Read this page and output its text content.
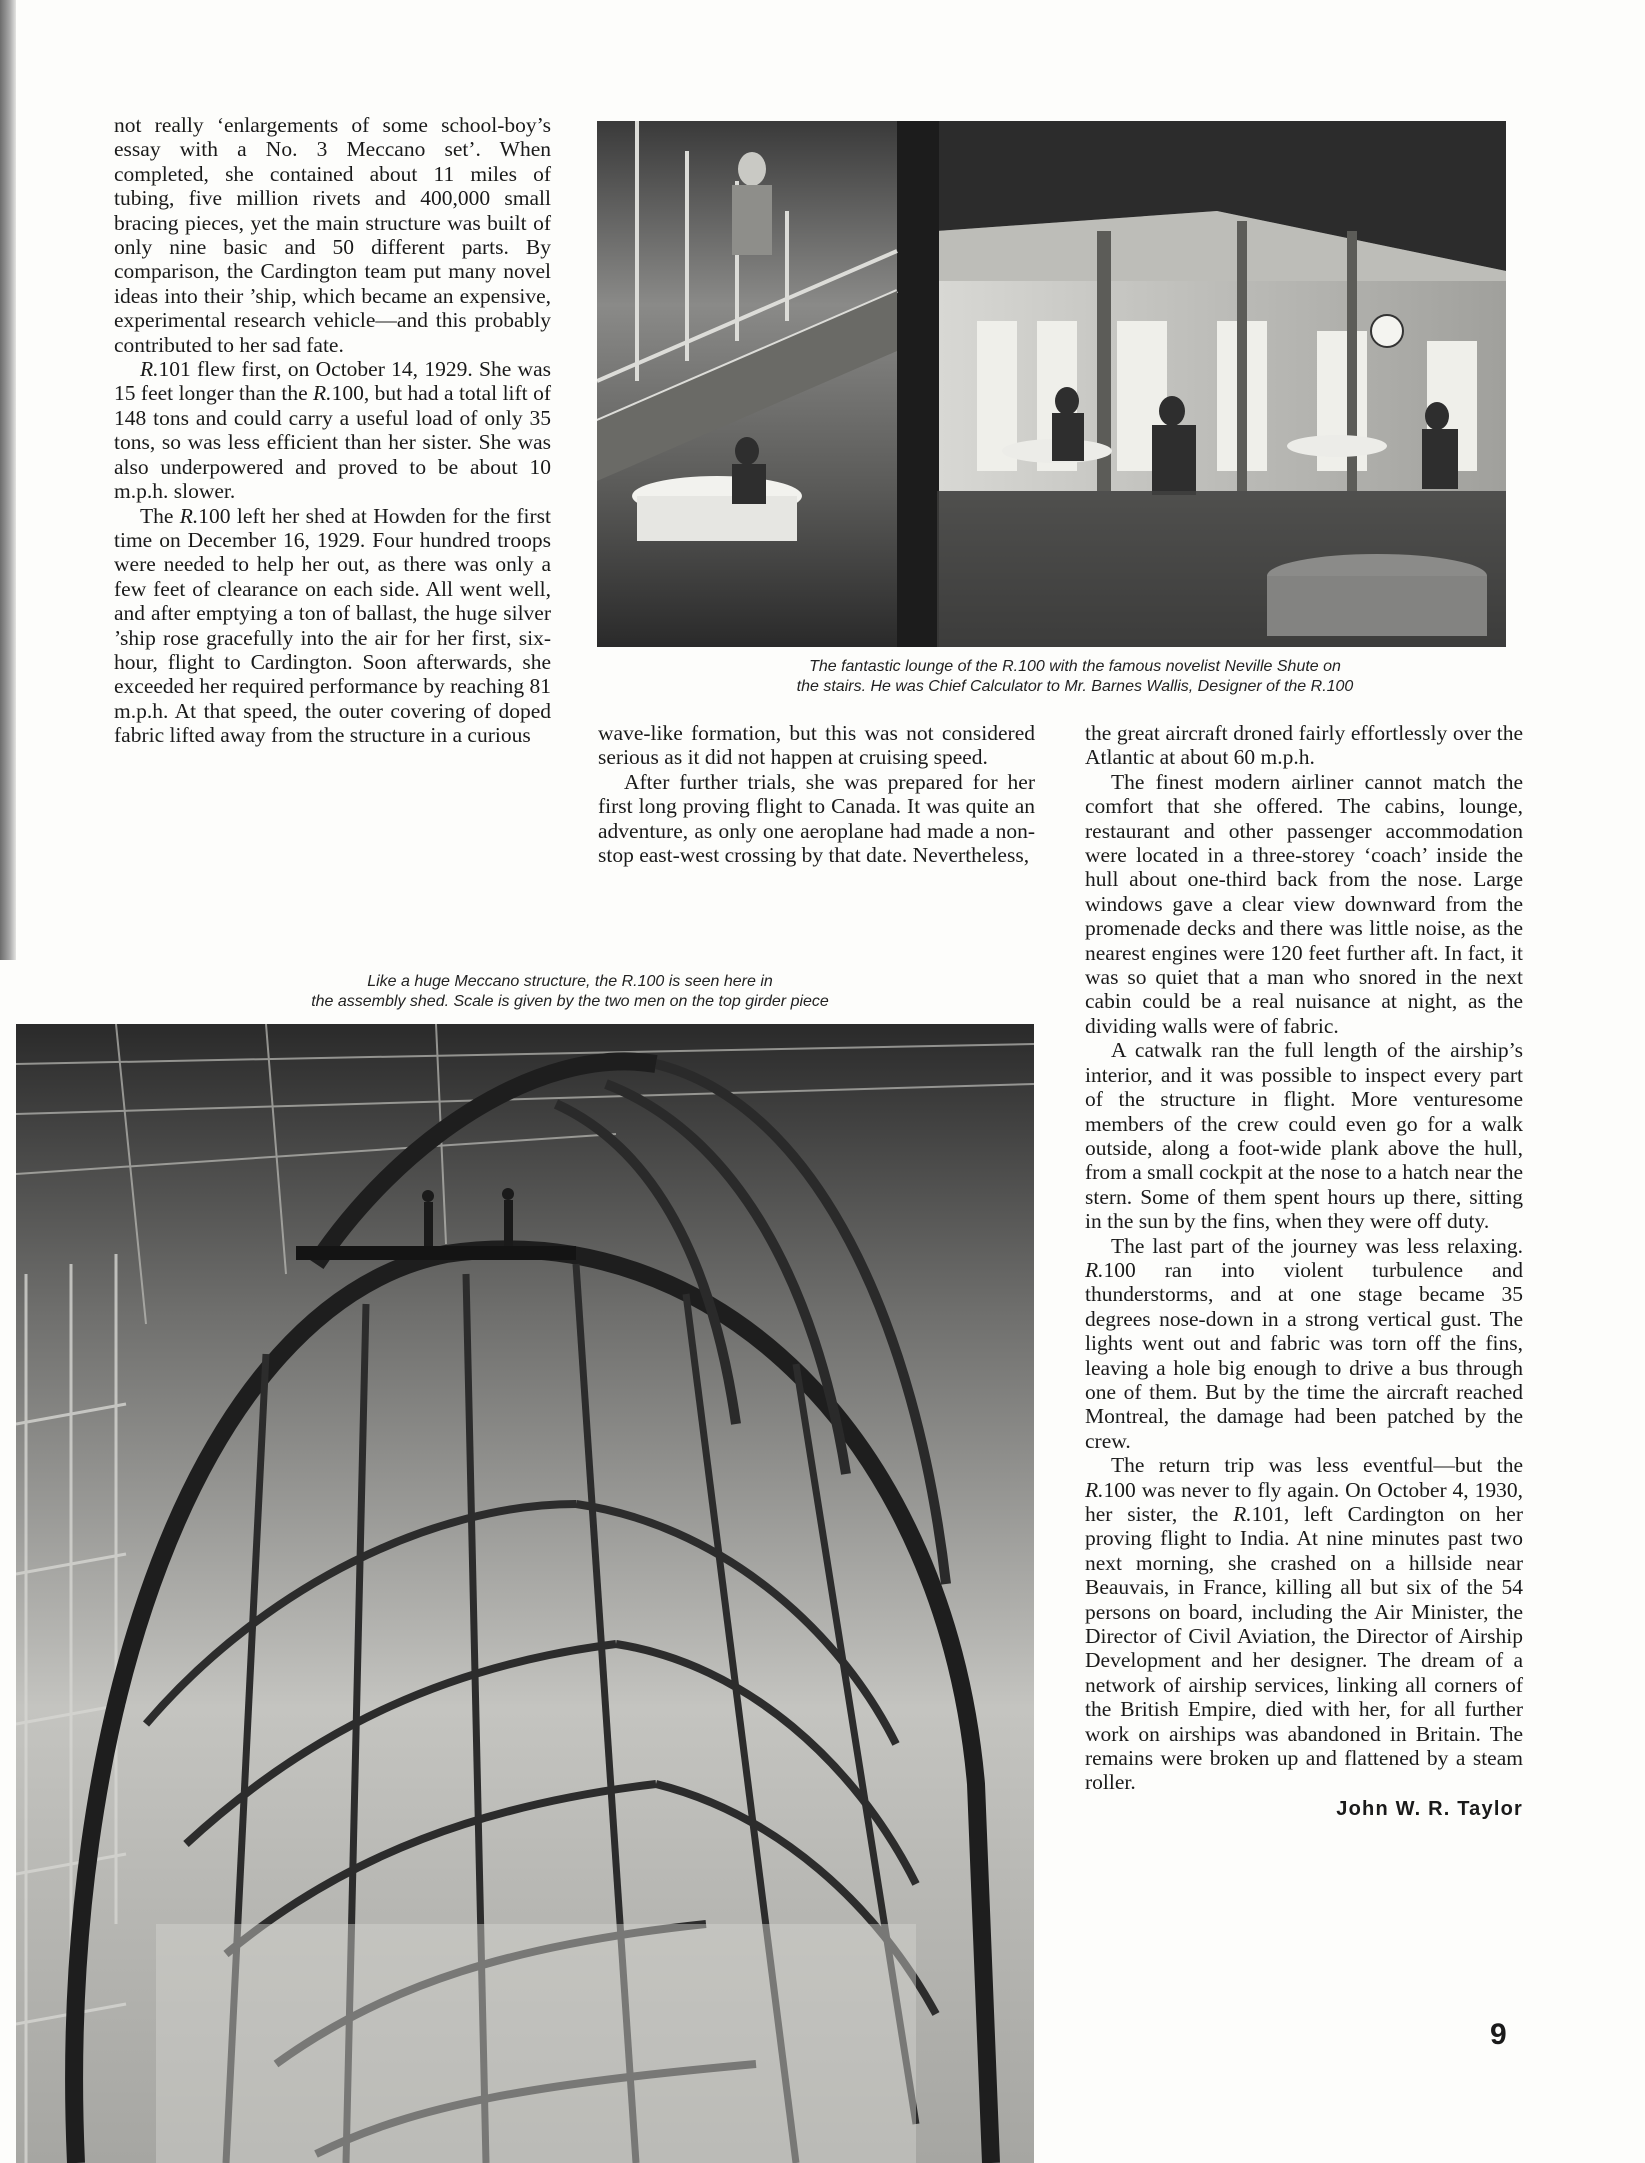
not really ‘enlargements of some school-boy’s essay with a No. 3 Meccano set’. When completed, she contained about 11 miles of tubing, five million rivets and 400,000 small bracing pieces, yet the main structure was built of only nine basic and 50 different parts. By comparison, the Cardington team put many novel ideas into their ’ship, which became an expensive, experimental research vehicle—and this probably contributed to her sad fate.

R.101 flew first, on October 14, 1929. She was 15 feet longer than the R.100, but had a total lift of 148 tons and could carry a useful load of only 35 tons, so was less efficient than her sister. She was also underpowered and proved to be about 10 m.p.h. slower.

The R.100 left her shed at Howden for the first time on December 16, 1929. Four hundred troops were needed to help her out, as there was only a few feet of clearance on each side. All went well, and after emptying a ton of ballast, the huge silver ’ship rose gracefully into the air for her first, six-hour, flight to Cardington. Soon afterwards, she exceeded her required performance by reaching 81 m.p.h. At that speed, the outer covering of doped fabric lifted away from the structure in a curious

The fantastic lounge of the R.100 with the famous novelist Neville Shute on
the stairs. He was Chief Calculator to Mr. Barnes Wallis, Designer of the R.100

wave-like formation, but this was not considered serious as it did not happen at cruising speed.

After further trials, she was prepared for her first long proving flight to Canada. It was quite an adventure, as only one aeroplane had made a non-stop east-west crossing by that date. Nevertheless,

the great aircraft droned fairly effortlessly over the Atlantic at about 60 m.p.h.

The finest modern airliner cannot match the comfort that she offered. The cabins, lounge, restaurant and other passenger accommodation were located in a three-storey ‘coach’ inside the hull about one-third back from the nose. Large windows gave a clear view downward from the promenade decks and there was little noise, as the nearest engines were 120 feet further aft. In fact, it was so quiet that a man who snored in the next cabin could be a real nuisance at night, as the dividing walls were of fabric.

A catwalk ran the full length of the airship’s interior, and it was possible to inspect every part of the structure in flight. More venturesome members of the crew could even go for a walk outside, along a foot-wide plank above the hull, from a small cockpit at the nose to a hatch near the stern. Some of them spent hours up there, sitting in the sun by the fins, when they were off duty.

The last part of the journey was less relaxing. R.100 ran into violent turbulence and thunderstorms, and at one stage became 35 degrees nose-down in a strong vertical gust. The lights went out and fabric was torn off the fins, leaving a hole big enough to drive a bus through one of them. But by the time the aircraft reached Montreal, the damage had been patched by the crew.

The return trip was less eventful—but the R.100 was never to fly again. On October 4, 1930, her sister, the R.101, left Cardington on her proving flight to India. At nine minutes past two next morning, she crashed on a hillside near Beauvais, in France, killing all but six of the 54 persons on board, including the Air Minister, the Director of Civil Aviation, the Director of Airship Development and her designer. The dream of a network of airship services, linking all corners of the British Empire, died with her, for all further work on airships was abandoned in Britain. The remains were broken up and flattened by a steam roller.

John W. R. Taylor
Like a huge Meccano structure, the R.100 is seen here in
the assembly shed. Scale is given by the two men on the top girder piece
9
